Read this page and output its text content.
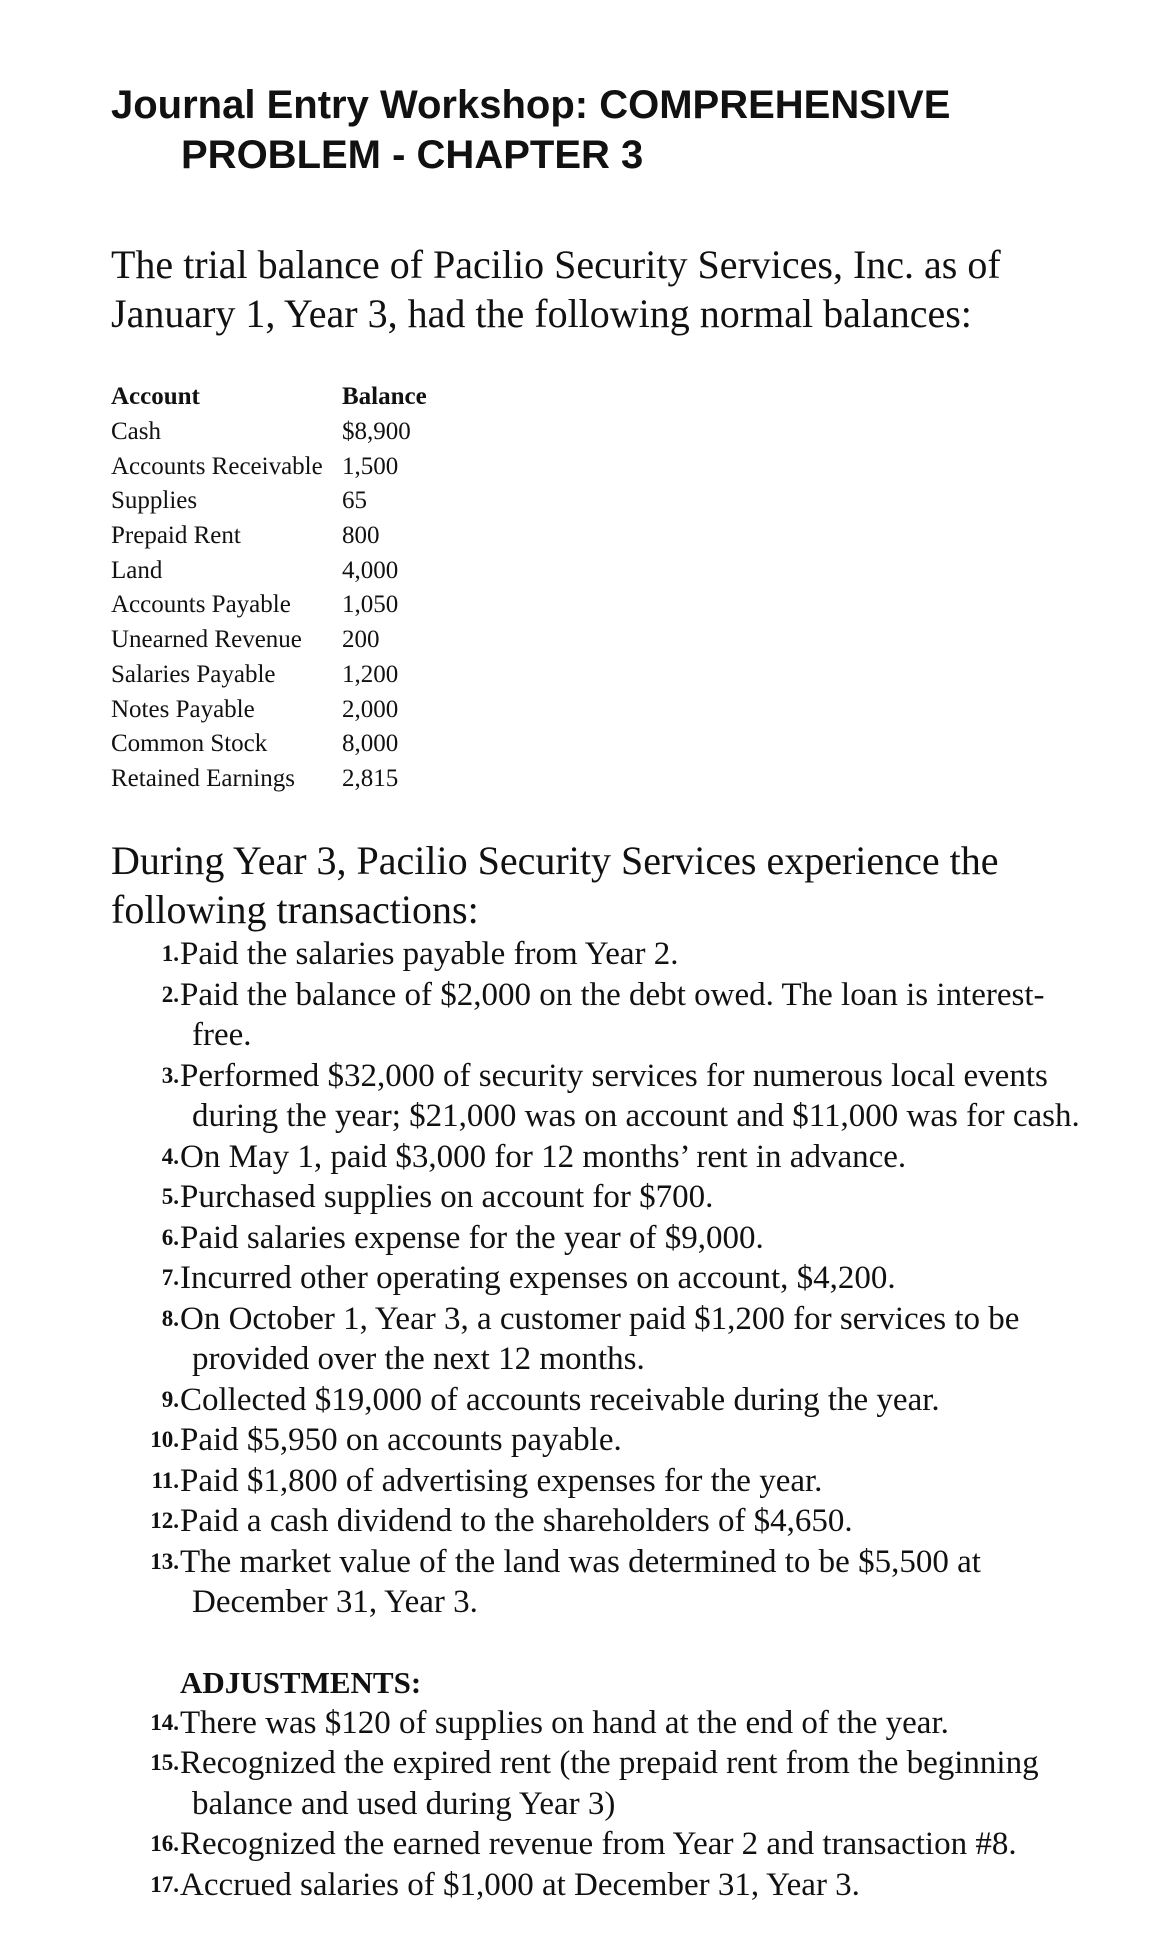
Journal Entry Workshop: COMPREHENSIVE PROBLEM - CHAPTER 3

The trial balance of Pacilio Security Services, Inc. as of January 1, Year 3, had the following normal balances:

Account	Balance
Cash	$8,900
Accounts Receivable	1,500
Supplies	65
Prepaid Rent	800
Land	4,000
Accounts Payable	1,050
Unearned Revenue	200
Salaries Payable	1,200
Notes Payable	2,000
Common Stock	8,000
Retained Earnings	2,815

During Year 3, Pacilio Security Services experience the following transactions:

1. Paid the salaries payable from Year 2.
2. Paid the balance of $2,000 on the debt owed. The loan is interest-free.
3. Performed $32,000 of security services for numerous local events during the year; $21,000 was on account and $11,000 was for cash.
4. On May 1, paid $3,000 for 12 months’ rent in advance.
5. Purchased supplies on account for $700.
6. Paid salaries expense for the year of $9,000.
7. Incurred other operating expenses on account, $4,200.
8. On October 1, Year 3, a customer paid $1,200 for services to be provided over the next 12 months.
9. Collected $19,000 of accounts receivable during the year.
10. Paid $5,950 on accounts payable.
11. Paid $1,800 of advertising expenses for the year.
12. Paid a cash dividend to the shareholders of $4,650.
13. The market value of the land was determined to be $5,500 at December 31, Year 3.
ADJUSTMENTS:
14. There was $120 of supplies on hand at the end of the year.
15. Recognized the expired rent (the prepaid rent from the beginning balance and used during Year 3)
16. Recognized the earned revenue from Year 2 and transaction #8.
17. Accrued salaries of $1,000 at December 31, Year 3.
